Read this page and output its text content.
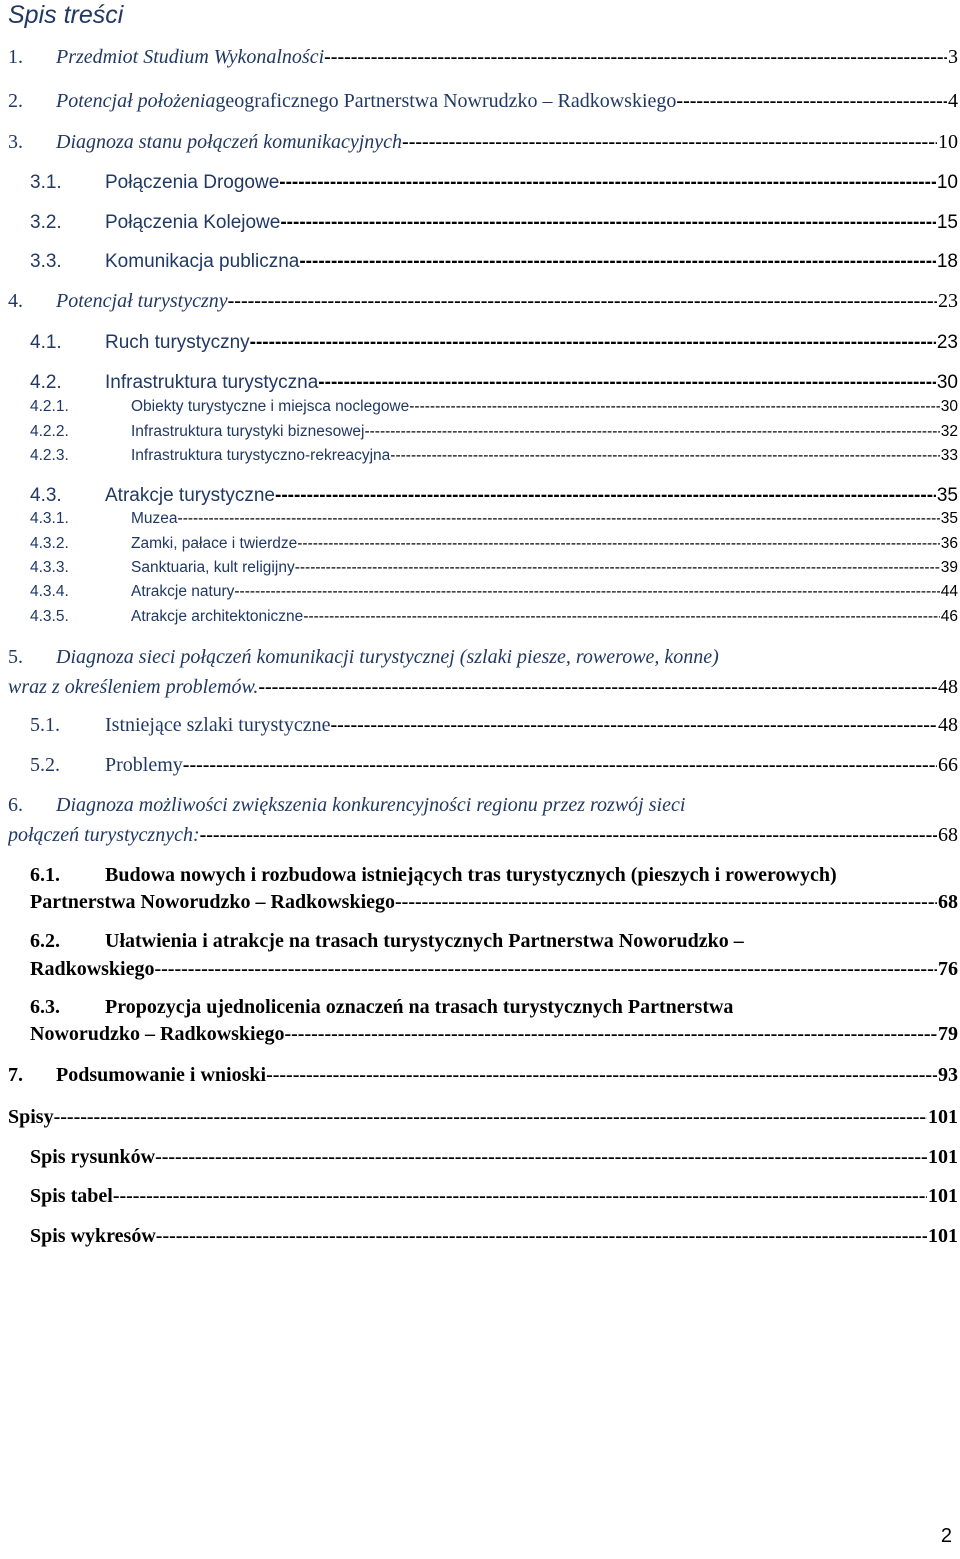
Spis treści
1.	Przedmiot Studium Wykonalności -----	3
2.	Potencjał położenia geograficznego Partnerstwa Nowrudzko – Radkowskiego -----	4
3.	Diagnoza stanu połączeń komunikacyjnych -----	10
3.1.	Połączenia Drogowe -----	10
3.2.	Połączenia Kolejowe -----	15
3.3.	Komunikacja publiczna -----	18
4.	Potencjał turystyczny -----	23
4.1.	Ruch turystyczny -----	23
4.2.	Infrastruktura turystyczna -----	30
4.2.1.	Obiekty turystyczne i miejsca noclegowe -----	30
4.2.2.	Infrastruktura turystyki biznesowej -----	32
4.2.3.	Infrastruktura turystyczno-rekreacyjna -----	33
4.3.	Atrakcje turystyczne -----	35
4.3.1.	Muzea -----	35
4.3.2.	Zamki, pałace i twierdze -----	36
4.3.3.	Sanktuaria, kult religijny -----	39
4.3.4.	Atrakcje natury -----	44
4.3.5.	Atrakcje architektoniczne -----	46
5.	Diagnoza sieci połączeń komunikacji turystycznej (szlaki piesze, rowerowe, konne)
wraz z określeniem problemów. -----	48
5.1.	Istniejące szlaki turystyczne -----	48
5.2.	Problemy -----	66
6.	Diagnoza możliwości zwiększenia konkurencyjności regionu przez rozwój sieci
połączeń turystycznych: -----	68
6.1.	Budowa nowych i rozbudowa istniejących tras turystycznych (pieszych i rowerowych)
Partnerstwa Noworudzko – Radkowskiego -----	68
6.2.	Ułatwienia i atrakcje na trasach turystycznych Partnerstwa Noworudzko –
Radkowskiego -----	76
6.3.	Propozycja ujednolicenia oznaczeń na trasach turystycznych Partnerstwa
Noworudzko – Radkowskiego -----	79
7.	Podsumowanie i wnioski -----	93
Spisy -----	101
Spis rysunków -----	101
Spis tabel -----	101
Spis wykresów -----	101
2
